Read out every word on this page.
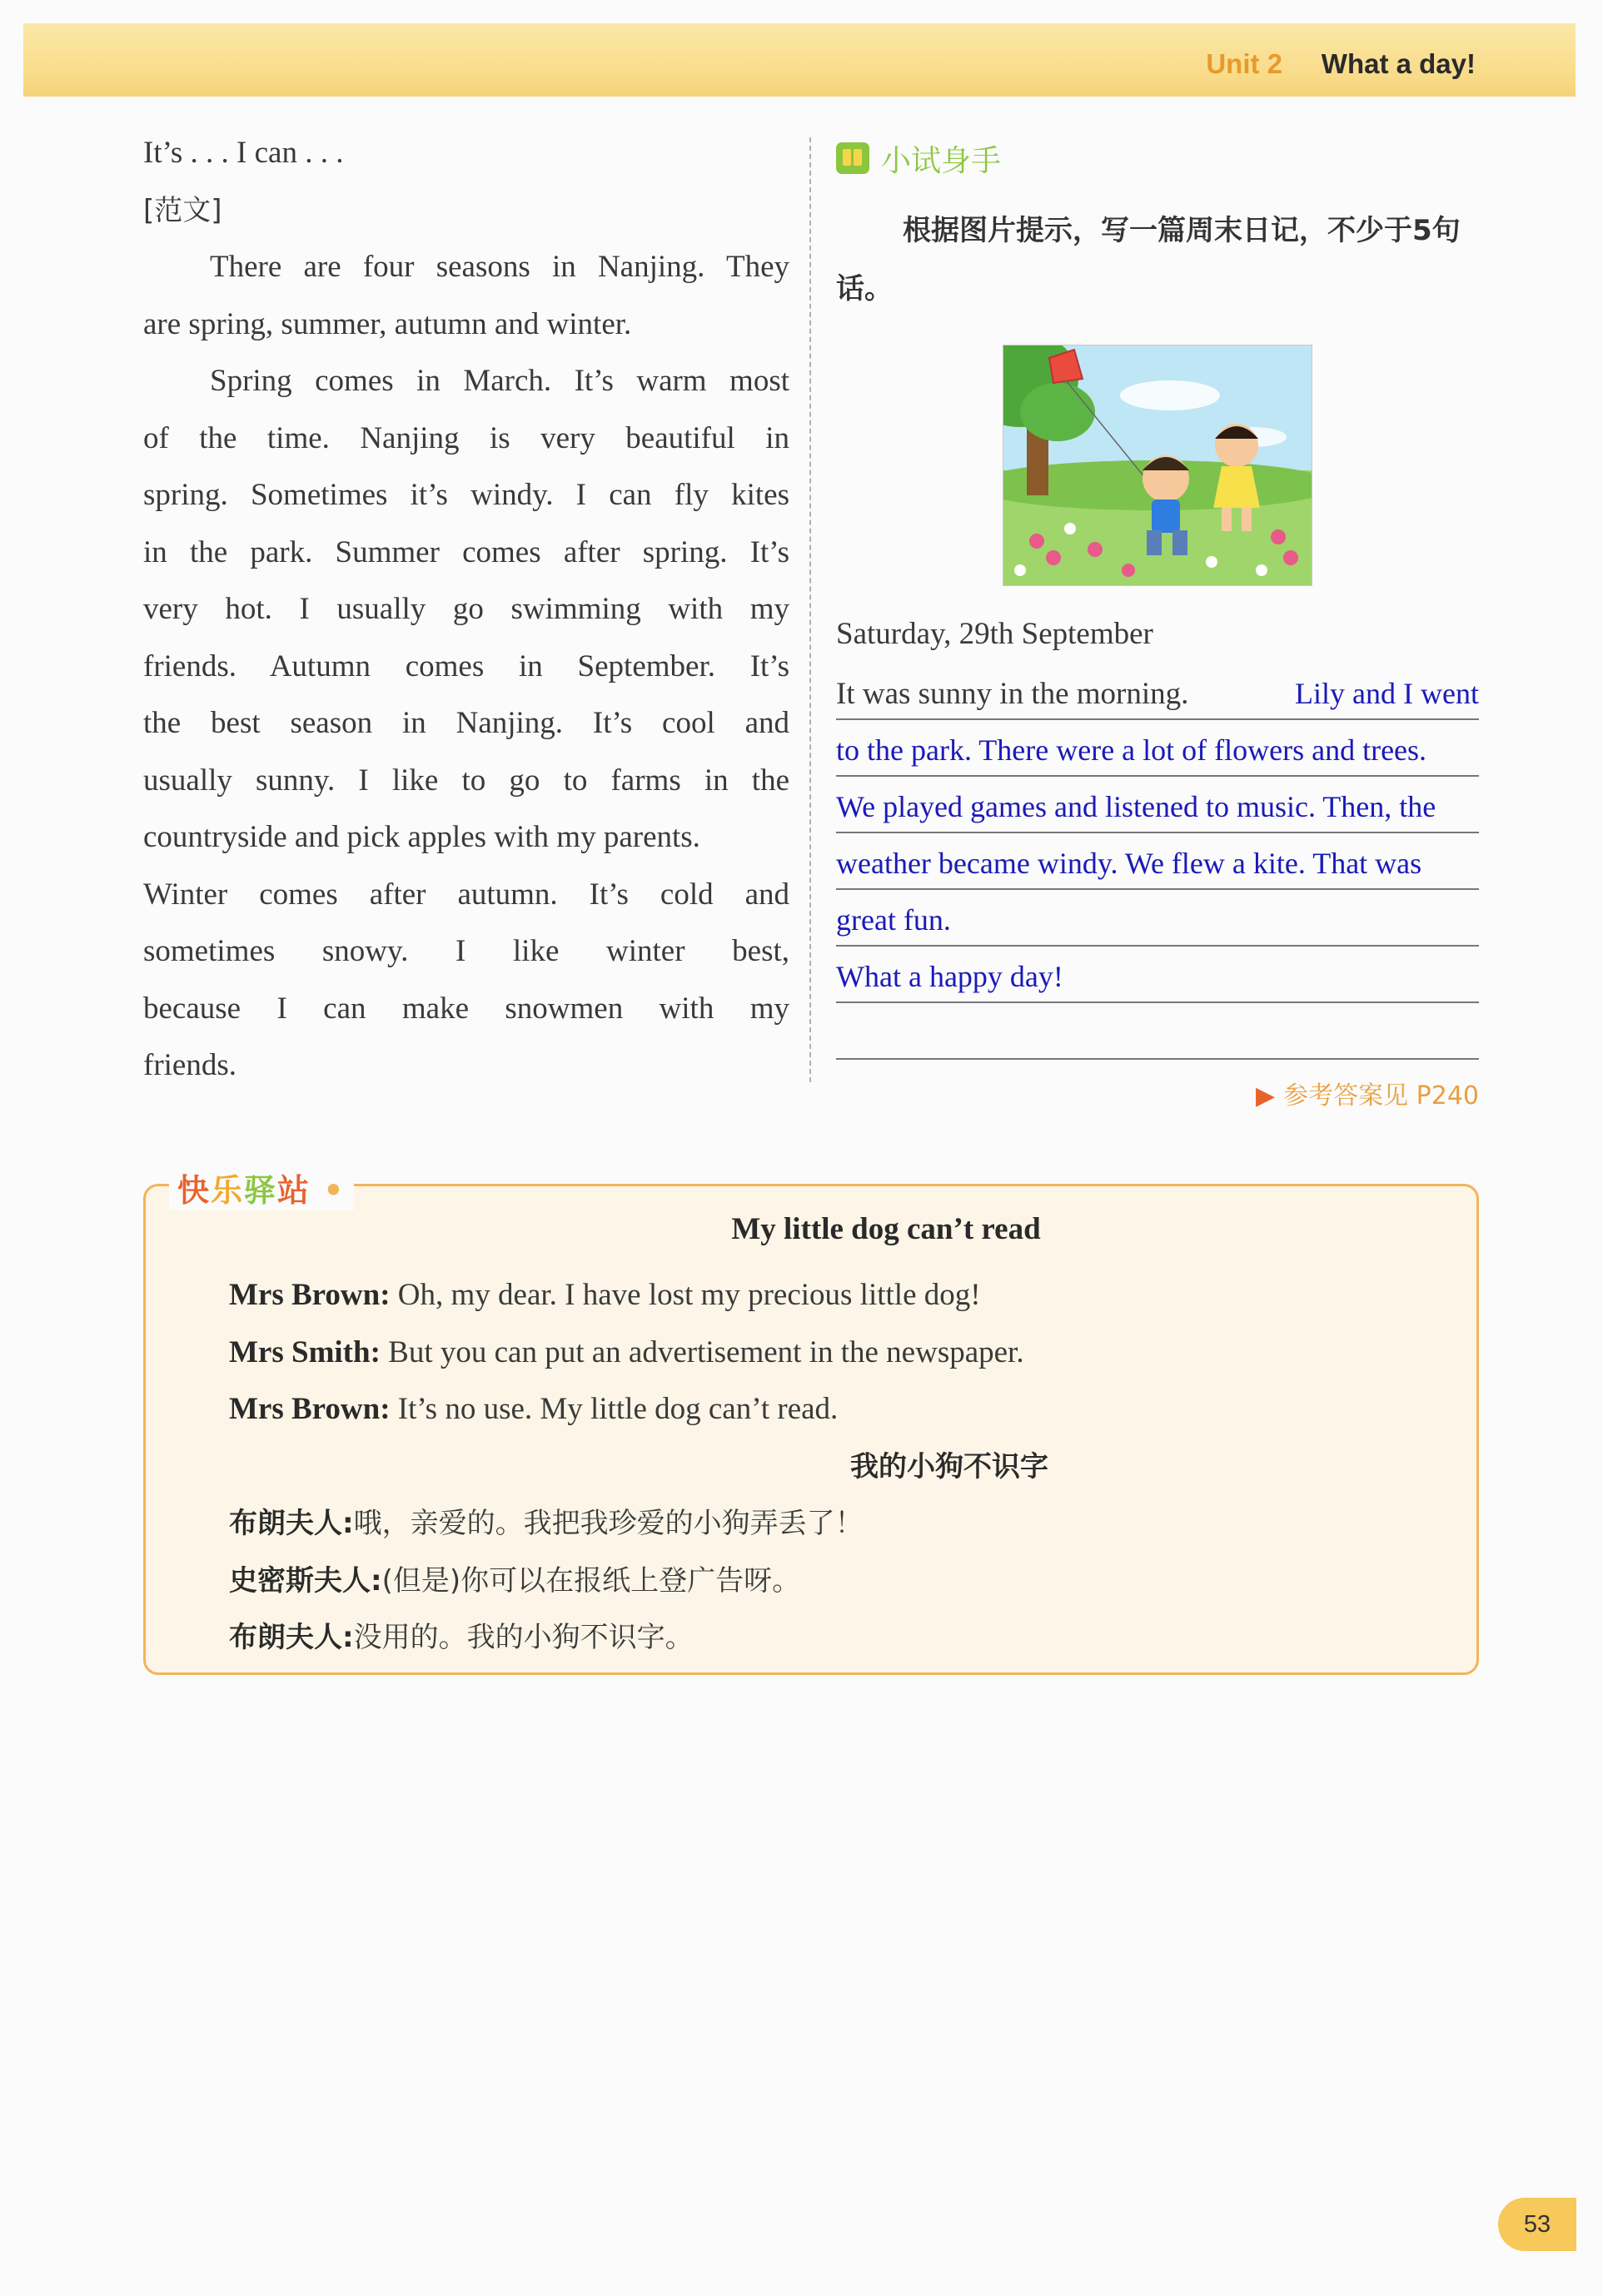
Unit 2 What a day!

It’s . . . I can . . .

[范文]

There are four seasons in Nanjing. They

are spring, summer, autumn and winter.

Spring comes in March. It’s warm most

of the time. Nanjing is very beautiful in

spring. Sometimes it’s windy. I can fly kites

in the park. Summer comes after spring. It’s

very hot. I usually go swimming with my

friends. Autumn comes in September. It’s

the best season in Nanjing. It’s cool and

usually sunny. I like to go to farms in the

countryside and pick apples with my parents.

Winter comes after autumn. It’s cold and

sometimes snowy. I like winter best,

because I can make snowmen with my

friends.

小试身手
根据图片提示，写一篇周末日记，不少于5句话。
Saturday, 29th September
It was sunny in the morning.	Lily and I went
to the park. There were a lot of flowers and trees.
We played games and listened to music. Then, the
weather became windy. We flew a kite. That was
great fun.
What a happy day!
▶ 参考答案见 P240
快乐驿站 •
My little dog can’t read
Mrs Brown: Oh, my dear. I have lost my precious little dog!
Mrs Smith: But you can put an advertisement in the newspaper.
Mrs Brown: It’s no use. My little dog can’t read.
我的小狗不识字
布朗夫人:哦，亲爱的。我把我珍爱的小狗弄丢了！
史密斯夫人:(但是)你可以在报纸上登广告呀。
布朗夫人:没用的。我的小狗不识字。
53
